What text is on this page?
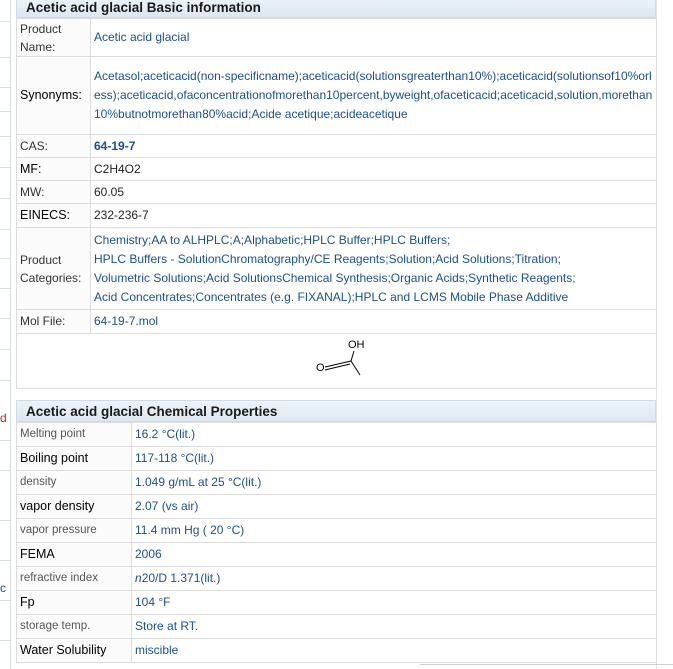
d
c
Acetic acid glacial Basic information
Product Name:	Acetic acid glacial
Synonyms:	Acetasol;aceticacid(non-specificname);aceticacid(solutionsgreaterthan10%);aceticacid(solutionsof10%orless);aceticacid,ofaconcentrationofmorethan10percent,byweight,ofaceticacid;aceticacid,solution,morethan10%butnotmorethan80%acid;Acide acetique;acideacetique
CAS:	64-19-7
MF:	C2H4O2
MW:	60.05
EINECS:	232-236-7
Product Categories:	Chemistry;AA to ALHPLC;A;Alphabetic;HPLC Buffer;HPLC Buffers;
HPLC Buffers - SolutionChromatography/CE Reagents;Solution;Acid Solutions;Titration;
Volumetric Solutions;Acid SolutionsChemical Synthesis;Organic Acids;Synthetic Reagents;
Acid Concentrates;Concentrates (e.g. FIXANAL);HPLC and LCMS Mobile Phase Additive
Mol File:	64-19-7.mol

OH
O	
Acetic acid glacial Chemical Properties
Melting point	16.2 °C(lit.)
Boiling point	117-118 °C(lit.)
density	1.049 g/mL at 25 °C(lit.)
vapor density	2.07 (vs air)
vapor pressure	11.4 mm Hg ( 20 °C)
FEMA	2006
refractive index	n20/D 1.371(lit.)
Fp	104 °F
storage temp.	Store at RT.
Water Solubility	miscible
